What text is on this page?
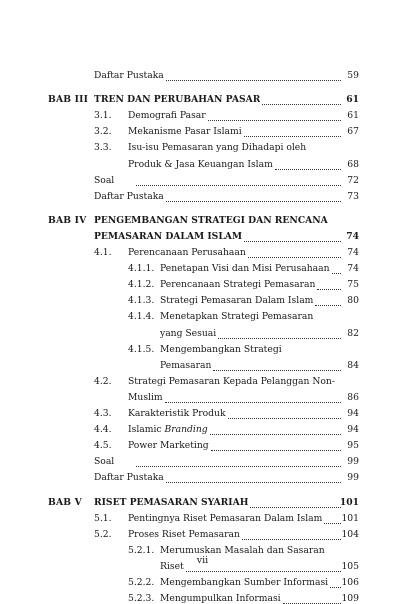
Daftar Pustaka	59
BAB III TREN DAN PERUBAHAN PASAR	61
3.1. Demografi Pasar	61
3.2. Mekanisme Pasar Islami	67
3.3. Isu-isu Pemasaran yang Dihadapi oleh
Produk & Jasa Keuangan Islam	68
Soal	72
Daftar Pustaka	73
BAB IV PENGEMBANGAN STRATEGI DAN RENCANA
PEMASARAN DALAM ISLAM	74
4.1. Perencanaan Perusahaan	74
4.1.1. Penetapan Visi dan Misi Perusahaan 74
4.1.2. Perencanaan Strategi Pemasaran	75
4.1.3. Strategi Pemasaran Dalam Islam	80
4.1.4. Menetapkan Strategi Pemasaran
yang Sesuai	82
4.1.5. Mengembangkan Strategi
Pemasaran	84
4.2. Strategi Pemasaran Kepada Pelanggan Non-
Muslim	86
4.3. Karakteristik Produk	94
4.4. Islamic Branding	94
4.5. Power Marketing	95
Soal	99
Daftar Pustaka	99
BAB V RISET PEMASARAN SYARIAH	101
5.1. Pentingnya Riset Pemasaran Dalam Islam 101
5.2. Proses Riset Pemasaran	104
5.2.1. Merumuskan Masalah dan Sasaran
Riset	105
5.2.2. Mengembangkan Sumber Informasi 106
5.2.3. Mengumpulkan Informasi	109
vii
